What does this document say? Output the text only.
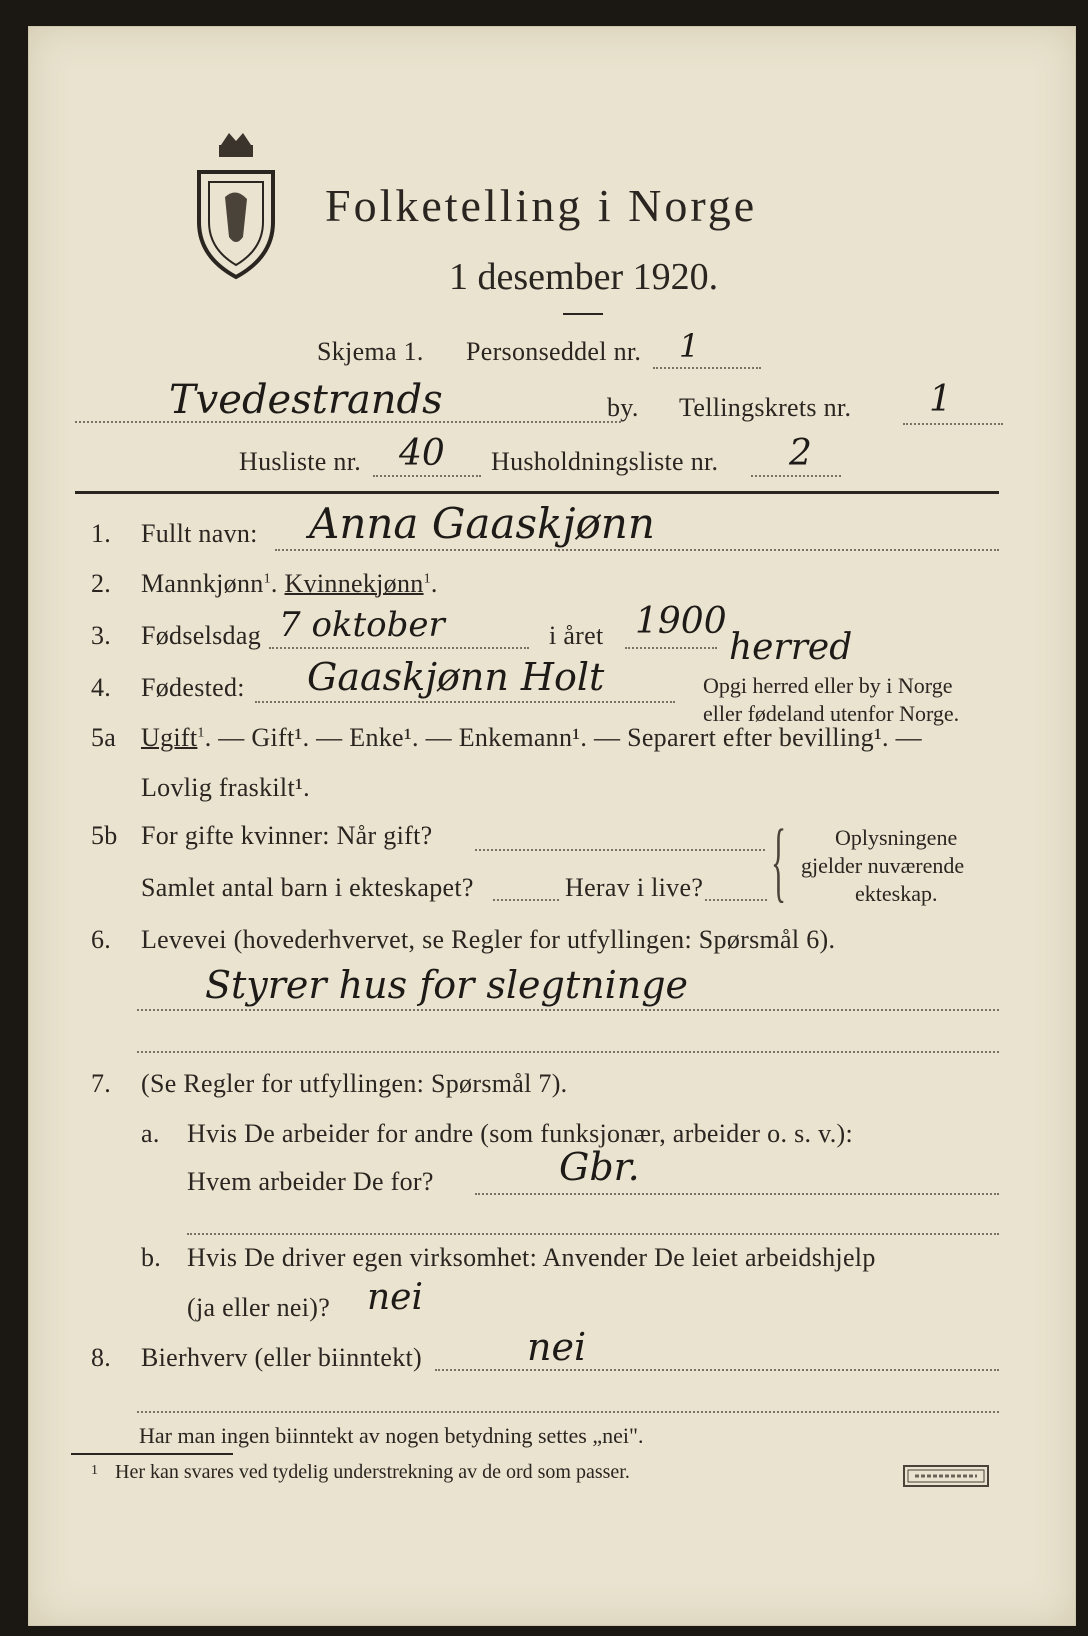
Folketelling i Norge
1 desember 1920.
Skjema 1. Personseddel nr. 1
Tvedestrands	by. Tellingskrets nr. 1
Husliste nr. 40 Husholdningsliste nr. 2
1. Fullt navn: Anna Gaaskjønn
2. Mannkjønn$^1$. Kvinnekjønn$^1$.
3. Fødselsdag 7 oktober	i året 1900
4. Fødested: Gaaskjønn Holt
herred
Opgi herred eller by i Norge
eller fødeland utenfor Norge.
5a Ugift$^1$. — Gift¹. — Enke¹. — Enkemann¹. — Separert efter bevilling¹. —
Lovlig fraskilt¹.
5b For gifte kvinner: Når gift?
Samlet antal barn i ekteskapet?	Herav i live? { Oplysningene
gjelder nuværende
ekteskap.
6. Levevei (hovederhvervet, se Regler for utfyllingen: Spørsmål 6).
Styrer hus for slegtninge
7. (Se Regler for utfyllingen: Spørsmål 7).
a. Hvis De arbeider for andre (som funksjonær, arbeider o. s. v.):
Hvem arbeider De for?	Gbr.
b. Hvis De driver egen virksomhet: Anvender De leiet arbeidshjelp
(ja eller nei)? nei
8. Bierhverv (eller biinntekt)	nei
Har man ingen biinntekt av nogen betydning settes „nei".
1 Her kan svares ved tydelig understrekning av de ord som passer.
